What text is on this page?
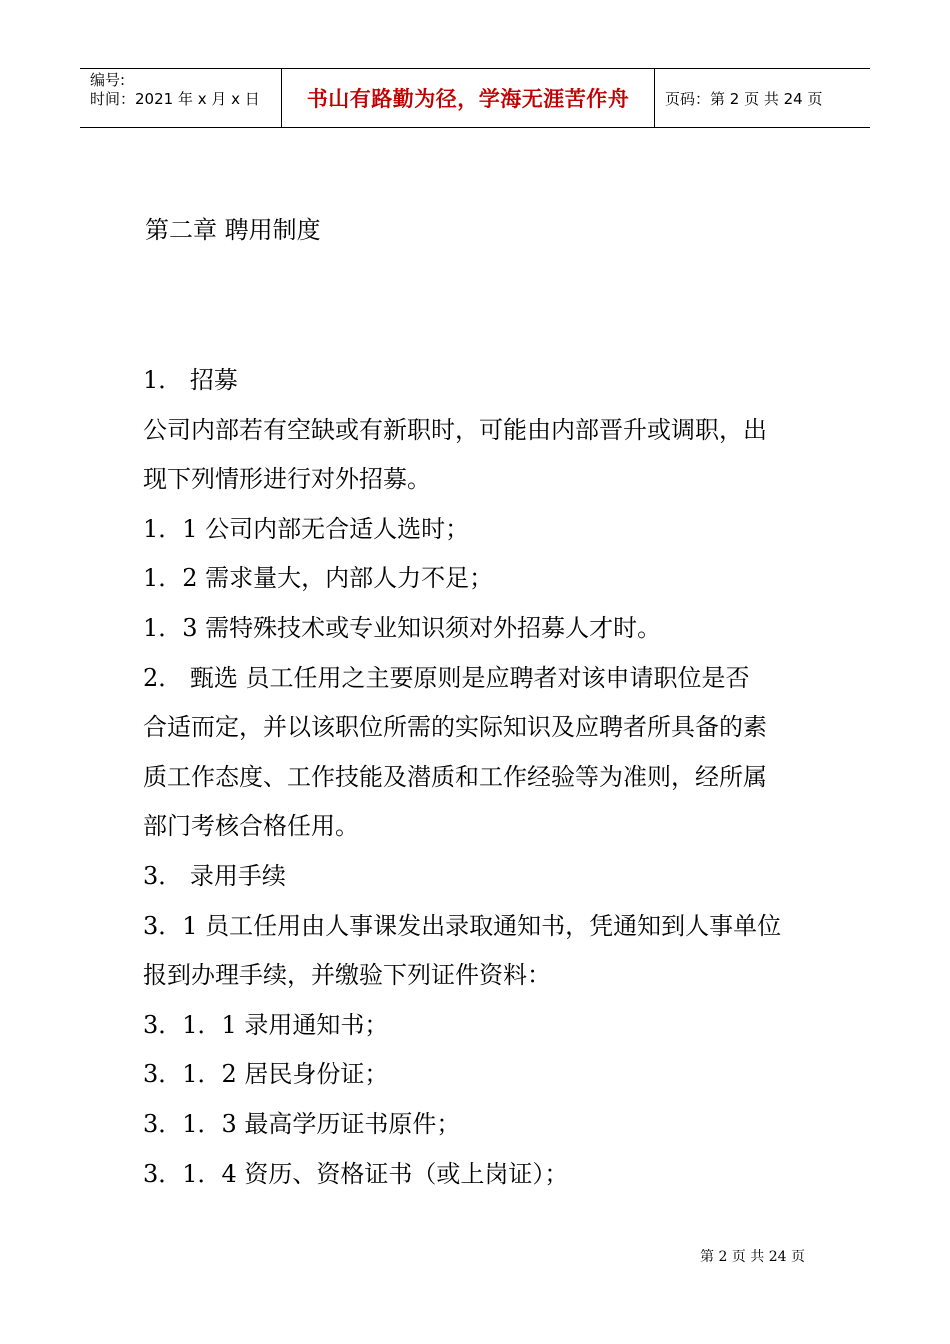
编号:
时间：2021 年 x 月 x 日	书山有路勤为径，学海无涯苦作舟	页码：第 2 页 共 24 页
第二章 聘用制度
1． 招募
公司内部若有空缺或有新职时，可能由内部晋升或调职，出
现下列情形进行对外招募。
1．1 公司内部无合适人选时；
1．2 需求量大，内部人力不足；
1．3 需特殊技术或专业知识须对外招募人才时。
2． 甄选 员工任用之主要原则是应聘者对该申请职位是否
合适而定，并以该职位所需的实际知识及应聘者所具备的素
质工作态度、工作技能及潜质和工作经验等为准则，经所属
部门考核合格任用。
3． 录用手续
3．1 员工任用由人事课发出录取通知书，凭通知到人事单位
报到办理手续，并缴验下列证件资料：
3．1．1 录用通知书；
3．1．2 居民身份证；
3．1．3 最高学历证书原件；
3．1．4 资历、资格证书（或上岗证）；
第 2 页 共 24 页
